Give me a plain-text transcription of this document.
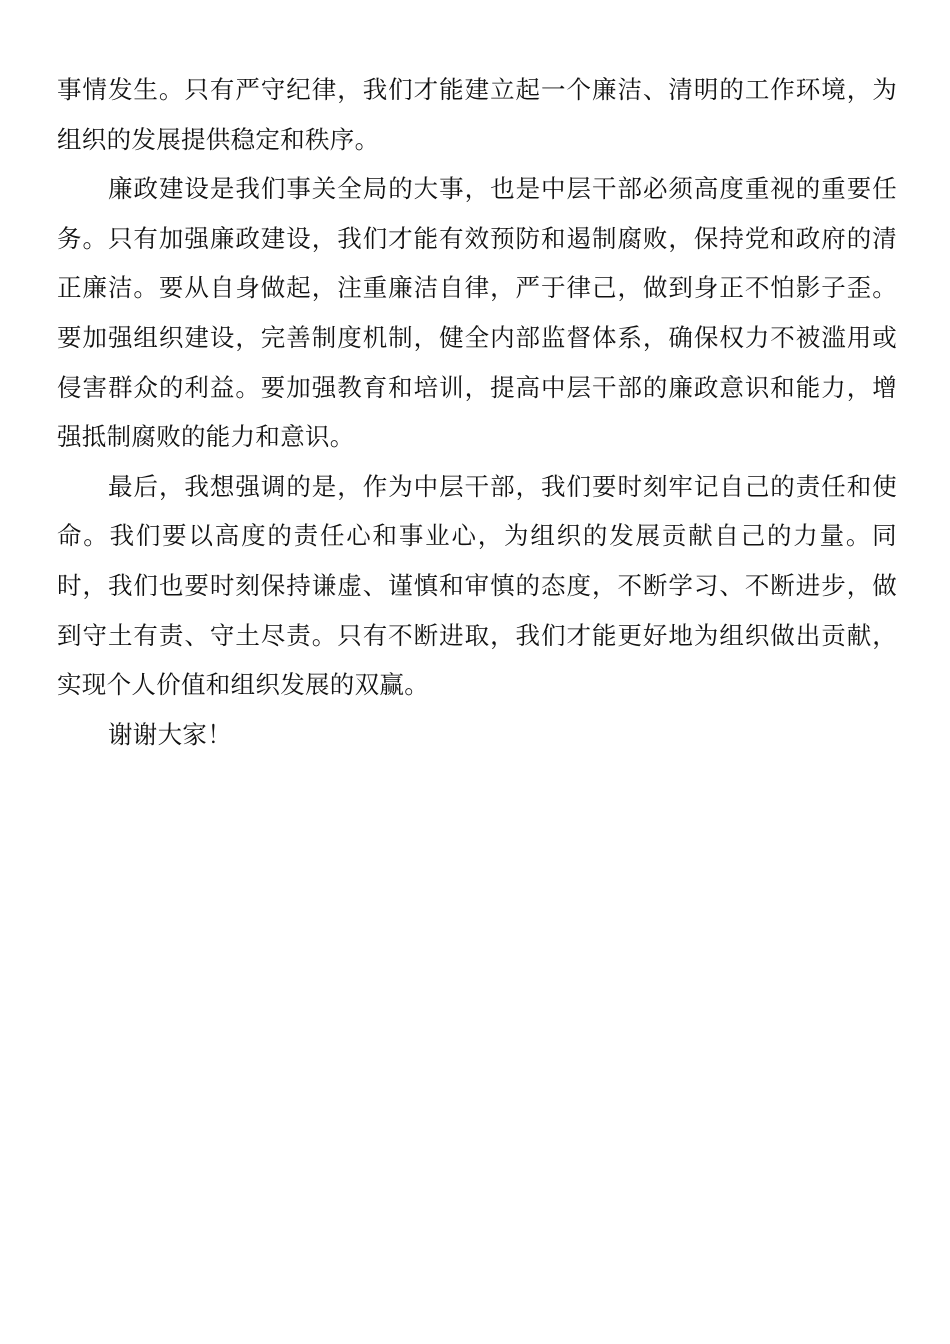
事情发生。只有严守纪律，我们才能建立起一个廉洁、清明的工作环境，为组织的发展提供稳定和秩序。

廉政建设是我们事关全局的大事，也是中层干部必须高度重视的重要任务。只有加强廉政建设，我们才能有效预防和遏制腐败，保持党和政府的清正廉洁。要从自身做起，注重廉洁自律，严于律己，做到身正不怕影子歪。要加强组织建设，完善制度机制，健全内部监督体系，确保权力不被滥用或侵害群众的利益。要加强教育和培训，提高中层干部的廉政意识和能力，增强抵制腐败的能力和意识。

最后，我想强调的是，作为中层干部，我们要时刻牢记自己的责任和使命。我们要以高度的责任心和事业心，为组织的发展贡献自己的力量。同时，我们也要时刻保持谦虚、谨慎和审慎的态度，不断学习、不断进步，做到守土有责、守土尽责。只有不断进取，我们才能更好地为组织做出贡献，实现个人价值和组织发展的双赢。

谢谢大家！
